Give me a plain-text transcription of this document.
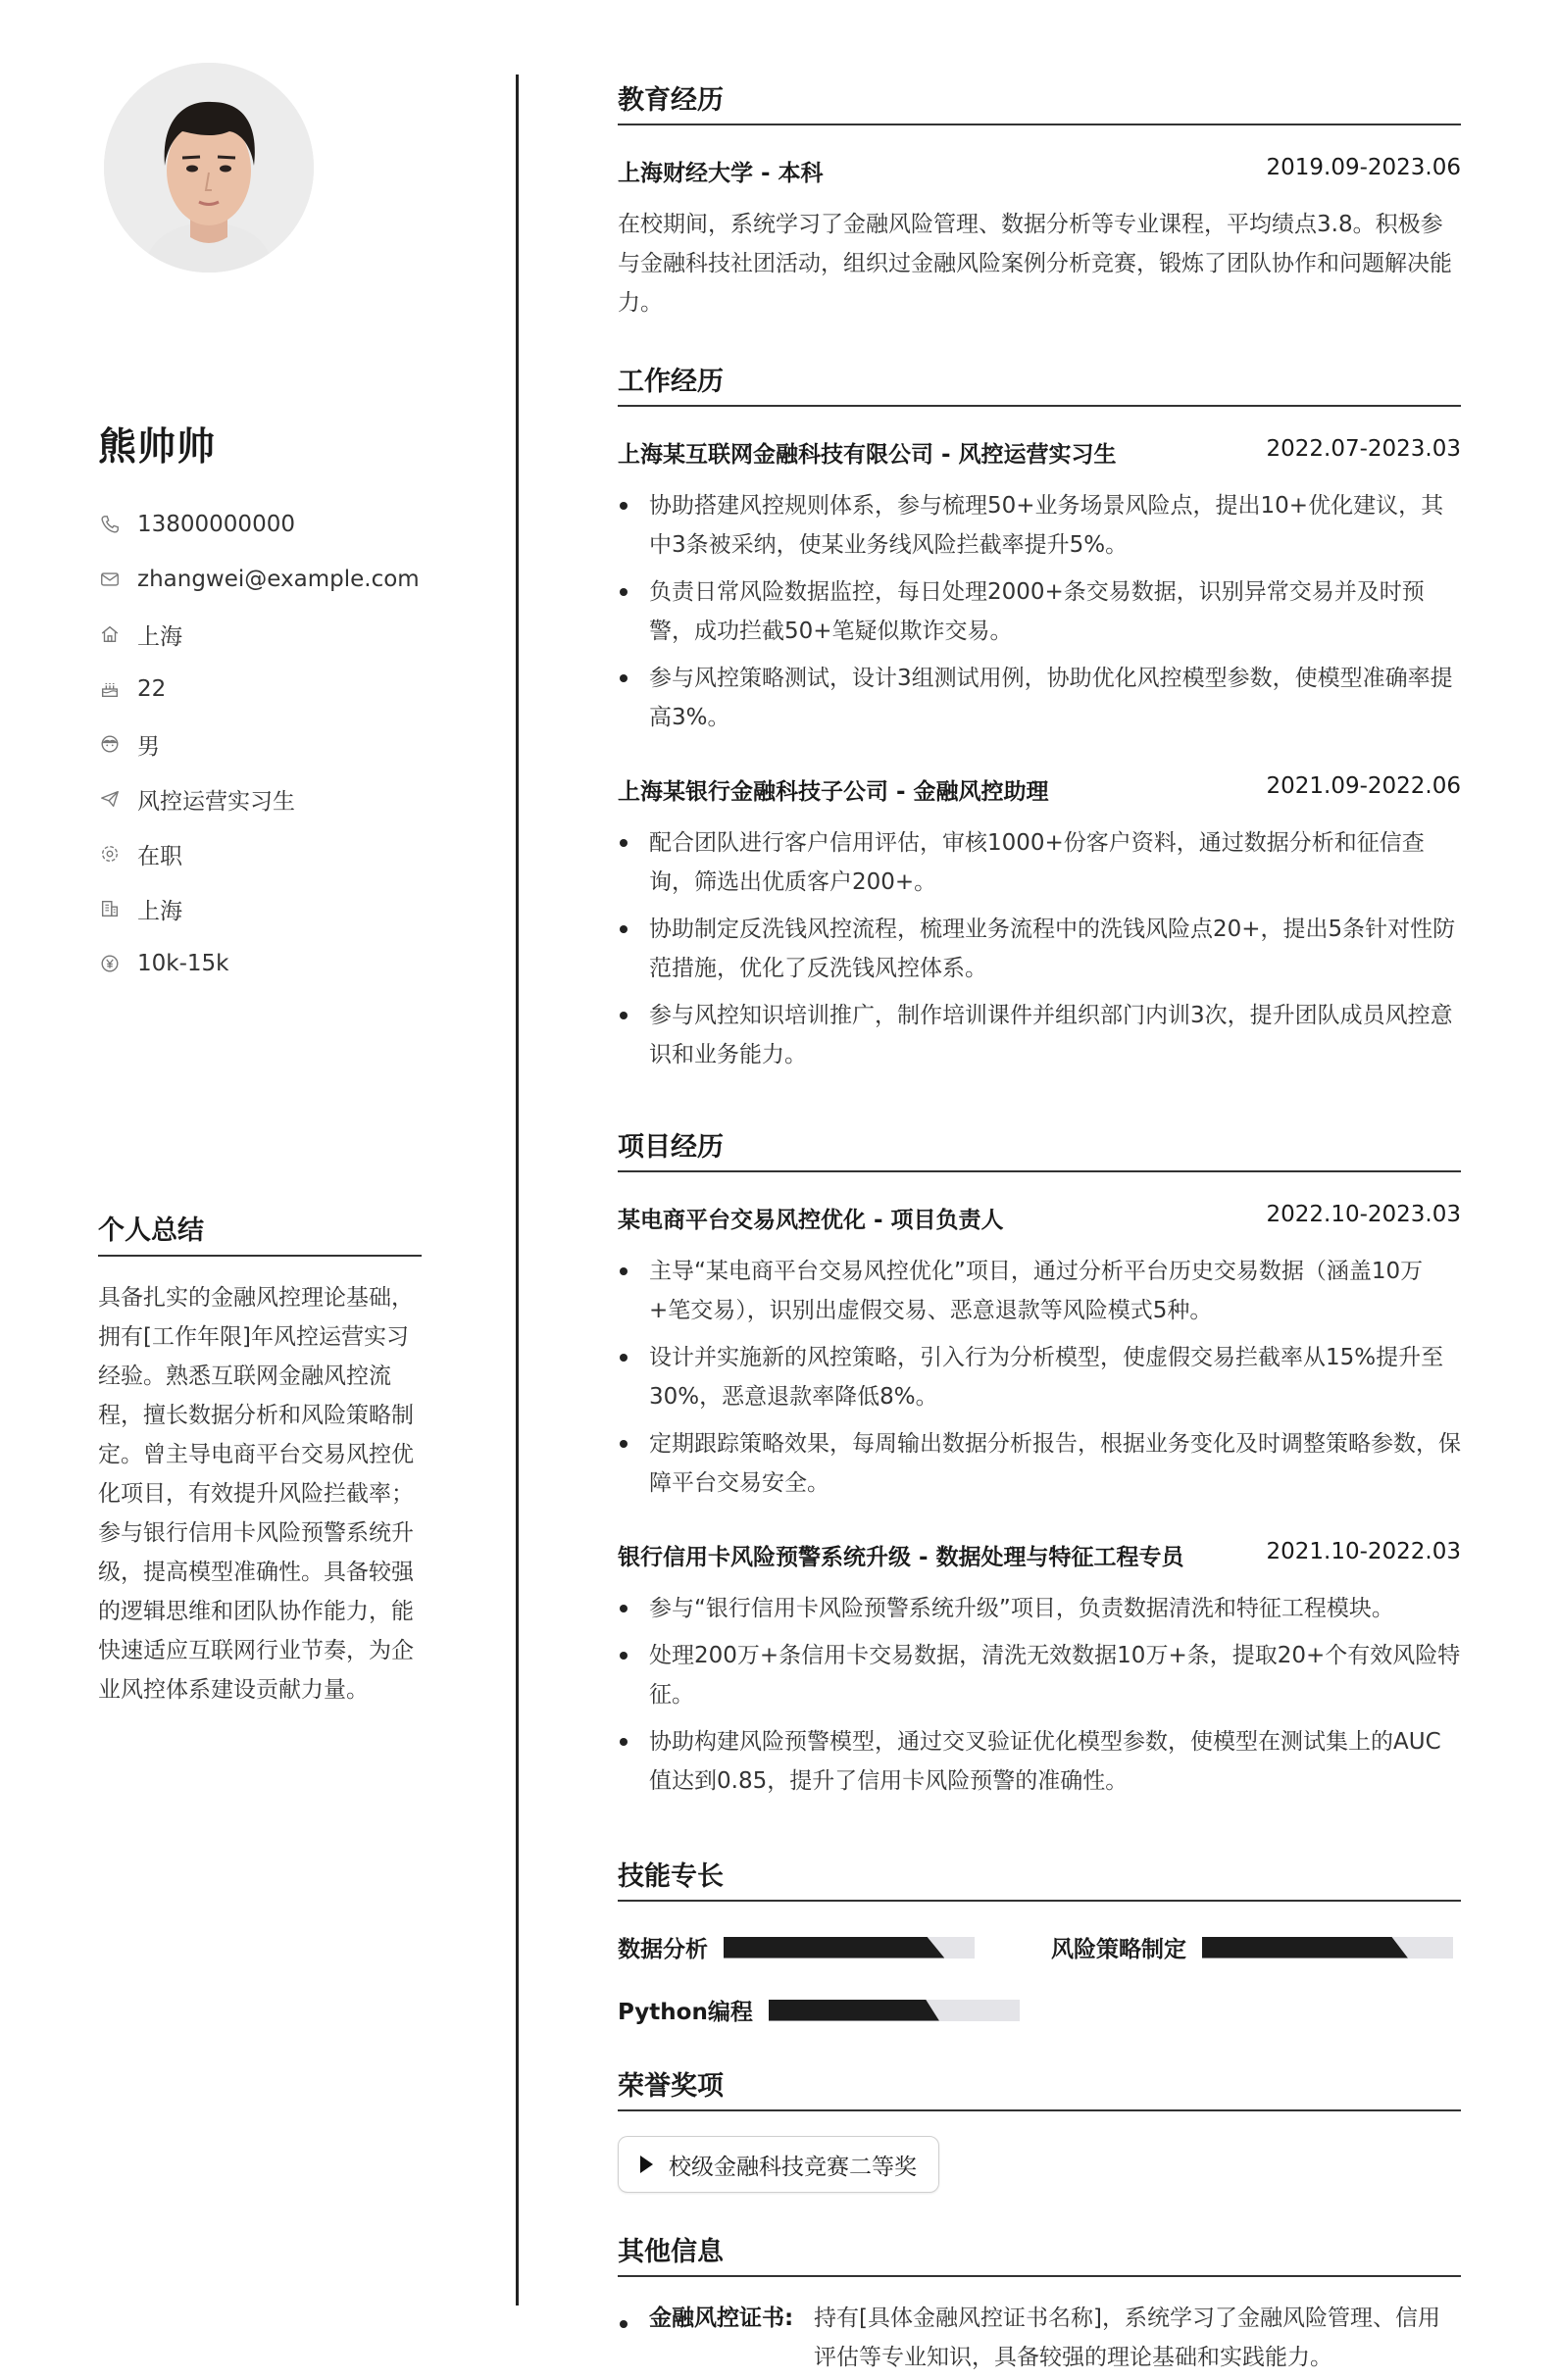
熊帅帅
13800000000
zhangwei@example.com
上海
22
男
风控运营实习生
在职
上海
10k-15k
个人总结
具备扎实的金融风控理论基础，拥有[工作年限]年风控运营实习经验。熟悉互联网金融风控流程，擅长数据分析和风险策略制定。曾主导电商平台交易风控优化项目，有效提升风险拦截率；参与银行信用卡风险预警系统升级，提高模型准确性。具备较强的逻辑思维和团队协作能力，能快速适应互联网行业节奏，为企业风控体系建设贡献力量。
教育经历
上海财经大学 - 本科	2019.09-2023.06
在校期间，系统学习了金融风险管理、数据分析等专业课程，平均绩点3.8。积极参与金融科技社团活动，组织过金融风险案例分析竞赛，锻炼了团队协作和问题解决能力。
工作经历
上海某互联网金融科技有限公司 - 风控运营实习生	2022.07-2023.03
协助搭建风控规则体系，参与梳理50+业务场景风险点，提出10+优化建议，其中3条被采纳，使某业务线风险拦截率提升5%。
负责日常风险数据监控，每日处理2000+条交易数据，识别异常交易并及时预警，成功拦截50+笔疑似欺诈交易。
参与风控策略测试，设计3组测试用例，协助优化风控模型参数，使模型准确率提高3%。
上海某银行金融科技子公司 - 金融风控助理	2021.09-2022.06
配合团队进行客户信用评估，审核1000+份客户资料，通过数据分析和征信查询，筛选出优质客户200+。
协助制定反洗钱风控流程，梳理业务流程中的洗钱风险点20+，提出5条针对性防范措施，优化了反洗钱风控体系。
参与风控知识培训推广，制作培训课件并组织部门内训3次，提升团队成员风控意识和业务能力。
项目经历
某电商平台交易风控优化 - 项目负责人	2022.10-2023.03
主导“某电商平台交易风控优化”项目，通过分析平台历史交易数据（涵盖10万+笔交易），识别出虚假交易、恶意退款等风险模式5种。
设计并实施新的风控策略，引入行为分析模型，使虚假交易拦截率从15%提升至30%，恶意退款率降低8%。
定期跟踪策略效果，每周输出数据分析报告，根据业务变化及时调整策略参数，保障平台交易安全。
银行信用卡风险预警系统升级 - 数据处理与特征工程专员	2021.10-2022.03
参与“银行信用卡风险预警系统升级”项目，负责数据清洗和特征工程模块。
处理200万+条信用卡交易数据，清洗无效数据10万+条，提取20+个有效风险特征。
协助构建风险预警模型，通过交叉验证优化模型参数，使模型在测试集上的AUC值达到0.85，提升了信用卡风险预警的准确性。
技能专长
数据分析	风险策略制定
Python编程
荣誉奖项
校级金融科技竞赛二等奖
其他信息
金融风控证书: 持有[具体金融风控证书名称]，系统学习了金融风险管理、信用评估等专业知识，具备较强的理论基础和实践能力。
